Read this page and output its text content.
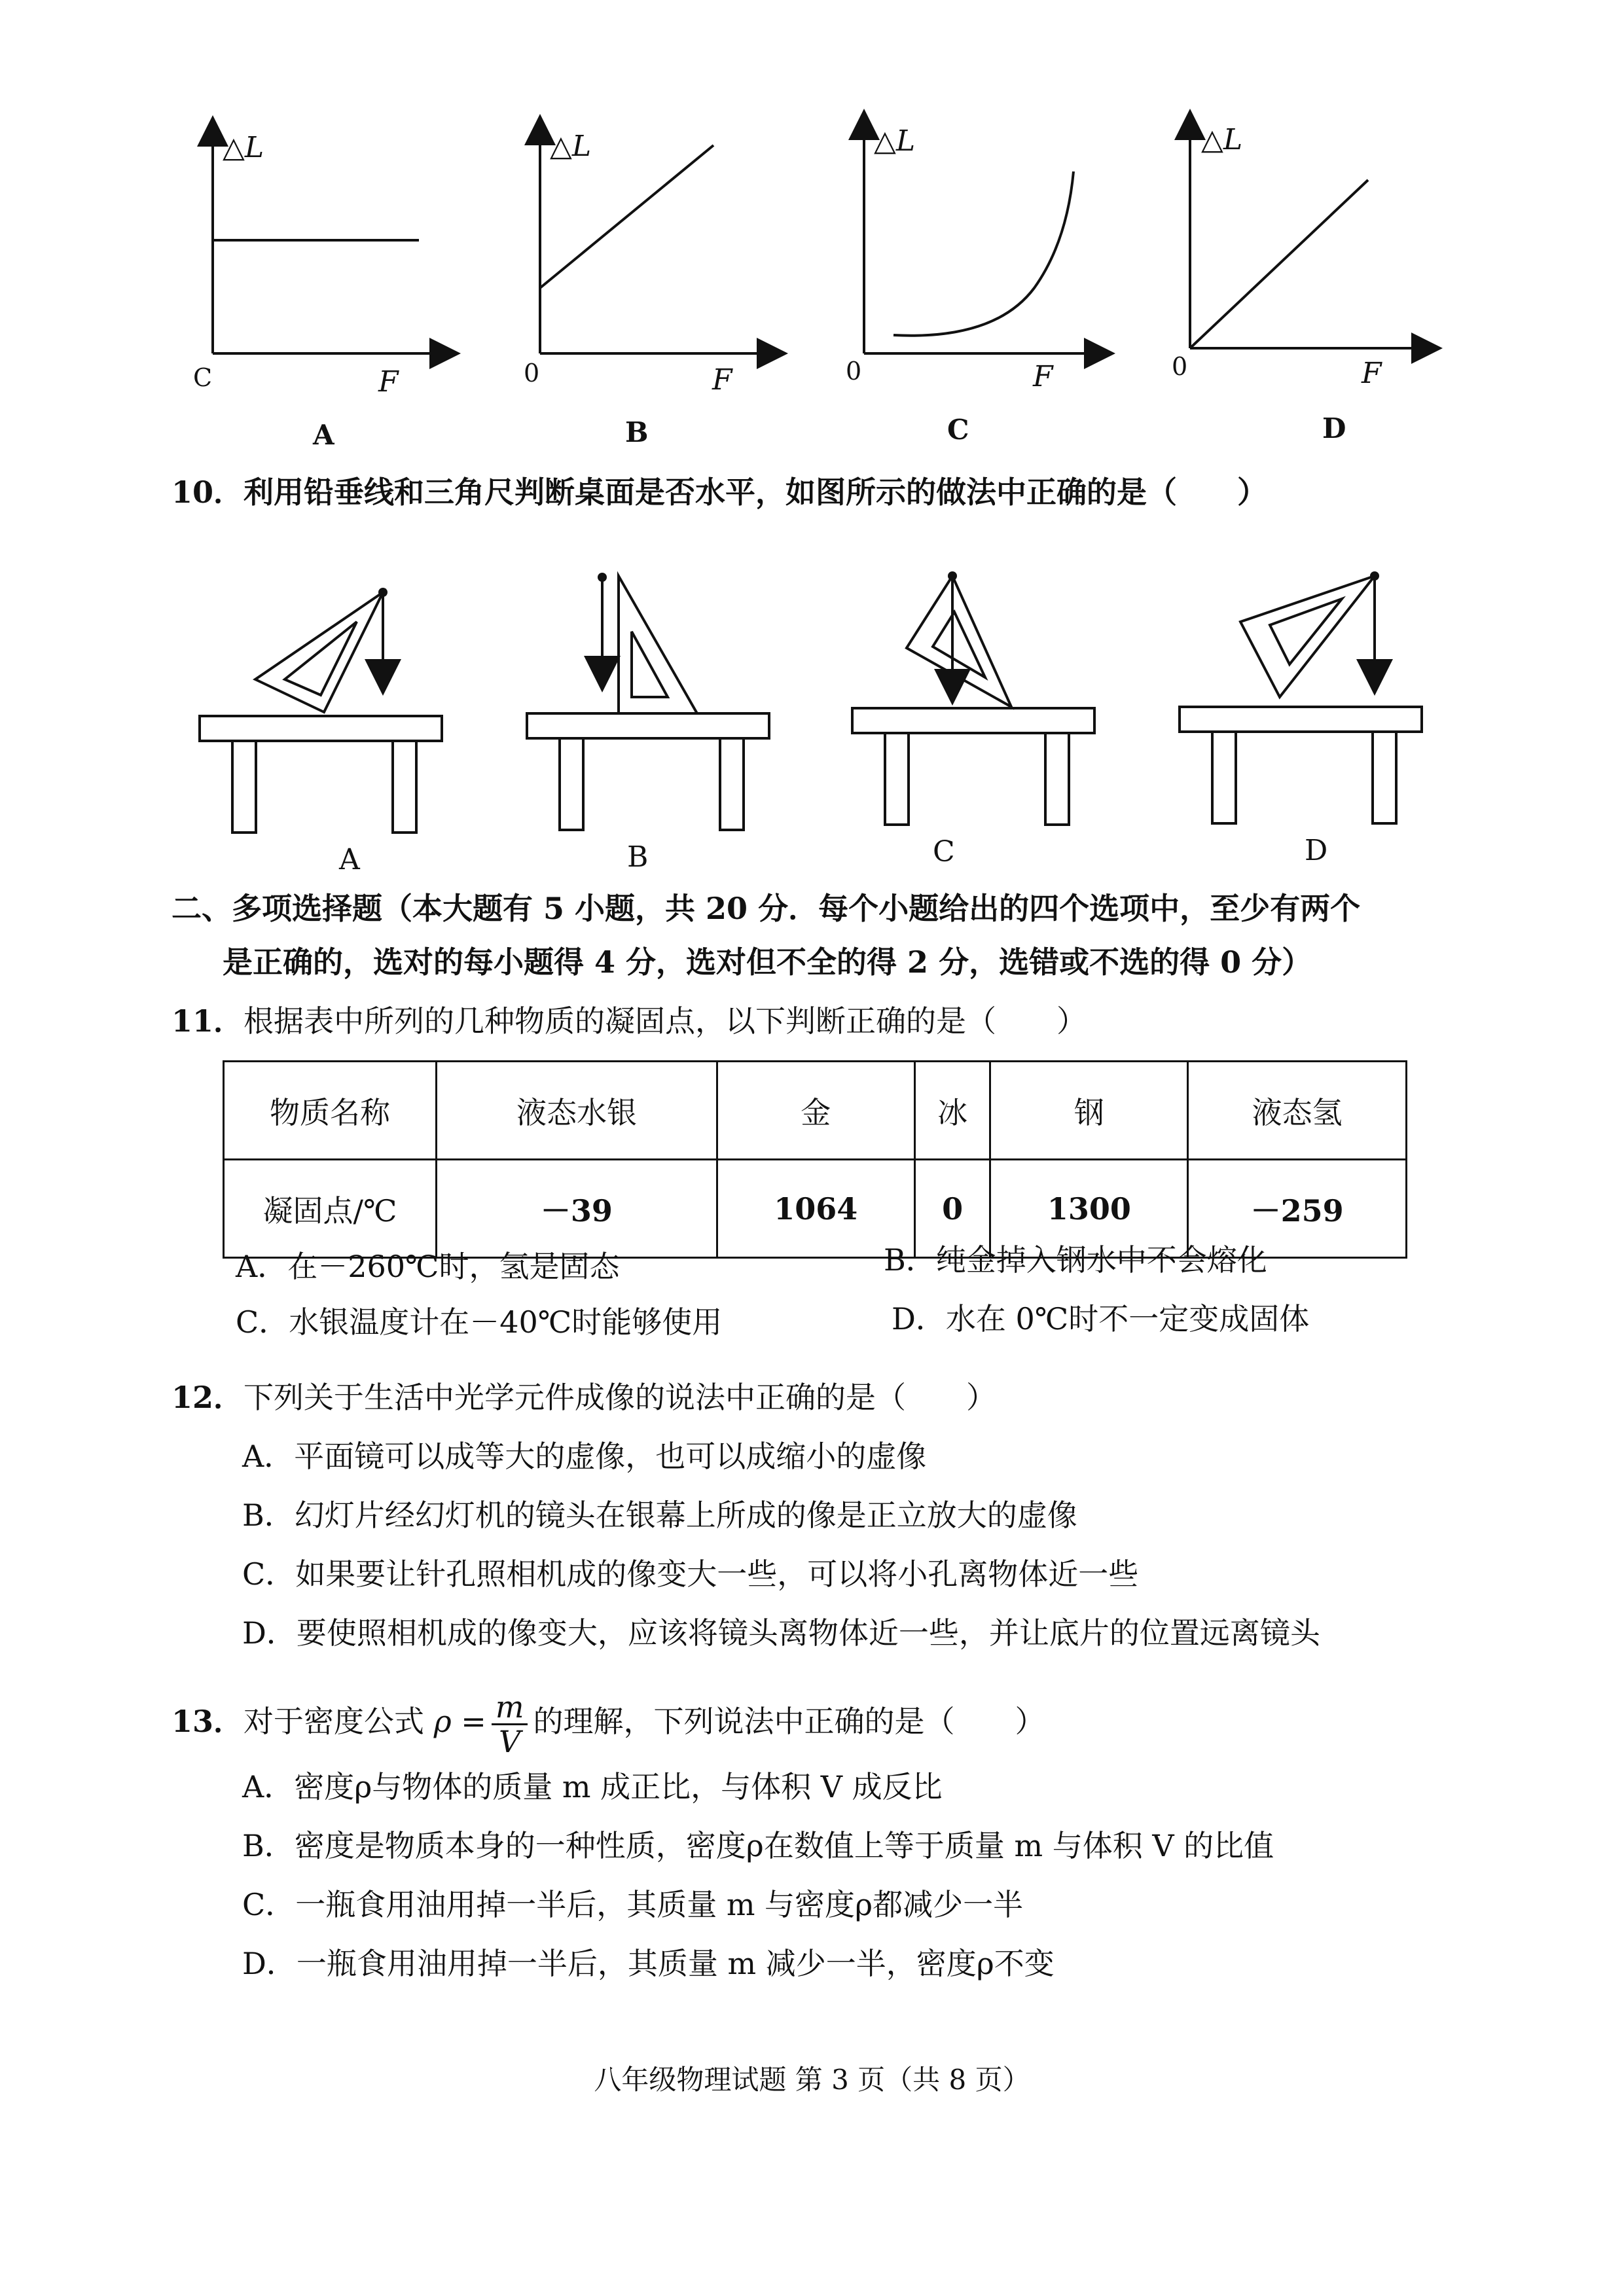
△L
C	F
A
△L
0	F
B
△L
0	F
C
△L
0	F
D
10．利用铅垂线和三角尺判断桌面是否水平，如图所示的做法中正确的是（　　）
A	B	C	D
二、多项选择题（本大题有 5 小题，共 20 分．每个小题给出的四个选项中，至少有两个
是正确的，选对的每小题得 4 分，选对但不全的得 2 分，选错或不选的得 0 分）
11．根据表中所列的几种物质的凝固点，以下判断正确的是（　　）
物质名称	液态水银	金	冰	钢	液态氢
凝固点/℃	－39	1064	0	1300	－259
A．在－260℃时，氢是固态	B．纯金掉入钢水中不会熔化
C．水银温度计在－40℃时能够使用	D．水在 0℃时不一定变成固体
12．下列关于生活中光学元件成像的说法中正确的是（　　）
A．平面镜可以成等大的虚像，也可以成缩小的虚像
B．幻灯片经幻灯机的镜头在银幕上所成的像是正立放大的虚像
C．如果要让针孔照相机成的像变大一些，可以将小孔离物体近一些
D．要使照相机成的像变大，应该将镜头离物体近一些，并让底片的位置远离镜头
13．对于密度公式 $\rho = \frac{m}{V}$ 的理解，下列说法中正确的是（　　）
A．密度ρ与物体的质量 m 成正比，与体积 V 成反比
B．密度是物质本身的一种性质，密度ρ在数值上等于质量 m 与体积 V 的比值
C．一瓶食用油用掉一半后，其质量 m 与密度ρ都减少一半
D．一瓶食用油用掉一半后，其质量 m 减少一半，密度ρ不变
八年级物理试题 第 3 页（共 8 页）
